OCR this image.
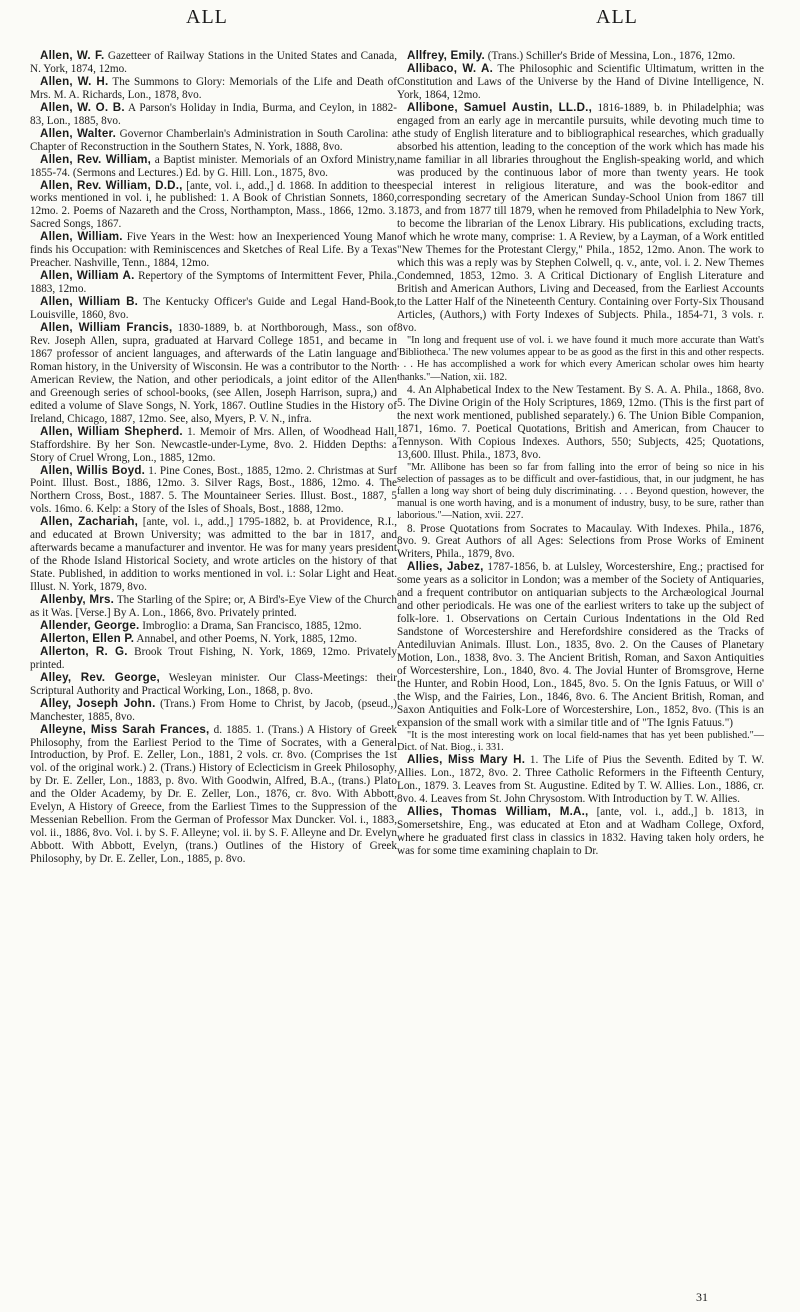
ALL	ALL

Allen, W. F. Gazetteer of Railway Stations in the United States and Canada, N. York, 1874, 12mo.

Allen, W. H. The Summons to Glory: Memorials of the Life and Death of Mrs. M. A. Richards, Lon., 1878, 8vo.

Allen, W. O. B. A Parson's Holiday in India, Burma, and Ceylon, in 1882-83, Lon., 1885, 8vo.

Allen, Walter. Governor Chamberlain's Administration in South Carolina: a Chapter of Reconstruction in the Southern States, N. York, 1888, 8vo.

Allen, Rev. William, a Baptist minister. Memorials of an Oxford Ministry, 1855-74. (Sermons and Lectures.) Ed. by G. Hill. Lon., 1875, 8vo.

Allen, Rev. William, D.D., [ante, vol. i., add.,] d. 1868. In addition to the works mentioned in vol. i, he published: 1. A Book of Christian Sonnets, 1860, 12mo. 2. Poems of Nazareth and the Cross, Northampton, Mass., 1866, 12mo. 3. Sacred Songs, 1867.

Allen, William. Five Years in the West: how an Inexperienced Young Man finds his Occupation: with Reminiscences and Sketches of Real Life. By a Texas Preacher. Nashville, Tenn., 1884, 12mo.

Allen, William A. Repertory of the Symptoms of Intermittent Fever, Phila., 1883, 12mo.

Allen, William B. The Kentucky Officer's Guide and Legal Hand-Book, Louisville, 1860, 8vo.

Allen, William Francis, 1830-1889, b. at Northborough, Mass., son of Rev. Joseph Allen, supra, graduated at Harvard College 1851, and became in 1867 professor of ancient languages, and afterwards of the Latin language and Roman history, in the University of Wisconsin. He was a contributor to the North American Review, the Nation, and other periodicals, a joint editor of the Allen and Greenough series of school-books, (see Allen, Joseph Harrison, supra,) and edited a volume of Slave Songs, N. York, 1867. Outline Studies in the History of Ireland, Chicago, 1887, 12mo. See, also, Myers, P. V. N., infra.

Allen, William Shepherd. 1. Memoir of Mrs. Allen, of Woodhead Hall, Staffordshire. By her Son. Newcastle-under-Lyme, 8vo. 2. Hidden Depths: a Story of Cruel Wrong, Lon., 1885, 12mo.

Allen, Willis Boyd. 1. Pine Cones, Bost., 1885, 12mo. 2. Christmas at Surf Point. Illust. Bost., 1886, 12mo. 3. Silver Rags, Bost., 1886, 12mo. 4. The Northern Cross, Bost., 1887. 5. The Mountaineer Series. Illust. Bost., 1887, 5 vols. 16mo. 6. Kelp: a Story of the Isles of Shoals, Bost., 1888, 12mo.

Allen, Zachariah, [ante, vol. i., add.,] 1795-1882, b. at Providence, R.I., and educated at Brown University; was admitted to the bar in 1817, and afterwards became a manufacturer and inventor. He was for many years president of the Rhode Island Historical Society, and wrote articles on the history of that State. Published, in addition to works mentioned in vol. i.: Solar Light and Heat. Illust. N. York, 1879, 8vo.

Allenby, Mrs. The Starling of the Spire; or, A Bird's-Eye View of the Church as it Was. [Verse.] By A. Lon., 1866, 8vo. Privately printed.

Allender, George. Imbroglio: a Drama, San Francisco, 1885, 12mo.

Allerton, Ellen P. Annabel, and other Poems, N. York, 1885, 12mo.

Allerton, R. G. Brook Trout Fishing, N. York, 1869, 12mo. Privately printed.

Alley, Rev. George, Wesleyan minister. Our Class-Meetings: their Scriptural Authority and Practical Working, Lon., 1868, p. 8vo.

Alley, Joseph John. (Trans.) From Home to Christ, by Jacob, (pseud.,) Manchester, 1885, 8vo.

Alleyne, Miss Sarah Frances, d. 1885. 1. (Trans.) A History of Greek Philosophy, from the Earliest Period to the Time of Socrates, with a General Introduction, by Prof. E. Zeller, Lon., 1881, 2 vols. cr. 8vo. (Comprises the 1st vol. of the original work.) 2. (Trans.) History of Eclecticism in Greek Philosophy, by Dr. E. Zeller, Lon., 1883, p. 8vo. With Goodwin, Alfred, B.A., (trans.) Plato and the Older Academy, by Dr. E. Zeller, Lon., 1876, cr. 8vo. With Abbott, Evelyn, A History of Greece, from the Earliest Times to the Suppression of the Messenian Rebellion. From the German of Professor Max Duncker. Vol. i., 1883, vol. ii., 1886, 8vo. Vol. i. by S. F. Alleyne; vol. ii. by S. F. Alleyne and Dr. Evelyn Abbott. With Abbott, Evelyn, (trans.) Outlines of the History of Greek Philosophy, by Dr. E. Zeller, Lon., 1885, p. 8vo.

Allfrey, Emily. (Trans.) Schiller's Bride of Messina, Lon., 1876, 12mo.

Allibaco, W. A. The Philosophic and Scientific Ultimatum, written in the Constitution and Laws of the Universe by the Hand of Divine Intelligence, N. York, 1864, 12mo.

Allibone, Samuel Austin, LL.D., 1816-1889, b. in Philadelphia; was engaged from an early age in mercantile pursuits, while devoting much time to the study of English literature and to bibliographical researches, which gradually absorbed his attention, leading to the conception of the work which has made his name familiar in all libraries throughout the English-speaking world, and which was produced by the continuous labor of more than twenty years. He took especial interest in religious literature, and was the book-editor and corresponding secretary of the American Sunday-School Union from 1867 till 1873, and from 1877 till 1879, when he removed from Philadelphia to New York, to become the librarian of the Lenox Library. His publications, excluding tracts, of which he wrote many, comprise: 1. A Review, by a Layman, of a Work entitled "New Themes for the Protestant Clergy," Phila., 1852, 12mo. Anon. The work to which this was a reply was by Stephen Colwell, q. v., ante, vol. i. 2. New Themes Condemned, 1853, 12mo. 3. A Critical Dictionary of English Literature and British and American Authors, Living and Deceased, from the Earliest Accounts to the Latter Half of the Nineteenth Century. Containing over Forty-Six Thousand Articles, (Authors,) with Forty Indexes of Subjects. Phila., 1854-71, 3 vols. r. 8vo.

"In long and frequent use of vol. i. we have found it much more accurate than Watt's 'Bibliotheca.' The new volumes appear to be as good as the first in this and other respects. . . . He has accomplished a work for which every American scholar owes him hearty thanks."—Nation, xii. 182.

4. An Alphabetical Index to the New Testament. By S. A. A. Phila., 1868, 8vo. 5. The Divine Origin of the Holy Scriptures, 1869, 12mo. (This is the first part of the next work mentioned, published separately.) 6. The Union Bible Companion, 1871, 16mo. 7. Poetical Quotations, British and American, from Chaucer to Tennyson. With Copious Indexes. Authors, 550; Subjects, 425; Quotations, 13,600. Illust. Phila., 1873, 8vo.

"Mr. Allibone has been so far from falling into the error of being so nice in his selection of passages as to be difficult and over-fastidious, that, in our judgment, he has fallen a long way short of being duly discriminating. . . . Beyond question, however, the manual is one worth having, and is a monument of industry, busy, to be sure, rather than laborious."—Nation, xvii. 227.

8. Prose Quotations from Socrates to Macaulay. With Indexes. Phila., 1876, 8vo. 9. Great Authors of all Ages: Selections from Prose Works of Eminent Writers, Phila., 1879, 8vo.

Allies, Jabez, 1787-1856, b. at Lulsley, Worcestershire, Eng.; practised for some years as a solicitor in London; was a member of the Society of Antiquaries, and a frequent contributor on antiquarian subjects to the Archæological Journal and other periodicals. He was one of the earliest writers to take up the subject of folk-lore. 1. Observations on Certain Curious Indentations in the Old Red Sandstone of Worcestershire and Herefordshire considered as the Tracks of Antediluvian Animals. Illust. Lon., 1835, 8vo. 2. On the Causes of Planetary Motion, Lon., 1838, 8vo. 3. The Ancient British, Roman, and Saxon Antiquities of Worcestershire, Lon., 1840, 8vo. 4. The Jovial Hunter of Bromsgrove, Herne the Hunter, and Robin Hood, Lon., 1845, 8vo. 5. On the Ignis Fatuus, or Will o' the Wisp, and the Fairies, Lon., 1846, 8vo. 6. The Ancient British, Roman, and Saxon Antiquities and Folk-Lore of Worcestershire, Lon., 1852, 8vo. (This is an expansion of the small work with a similar title and of "The Ignis Fatuus.")

"It is the most interesting work on local field-names that has yet been published."—Dict. of Nat. Biog., i. 331.

Allies, Miss Mary H. 1. The Life of Pius the Seventh. Edited by T. W. Allies. Lon., 1872, 8vo. 2. Three Catholic Reformers in the Fifteenth Century, Lon., 1879. 3. Leaves from St. Augustine. Edited by T. W. Allies. Lon., 1886, cr. 8vo. 4. Leaves from St. John Chrysostom. With Introduction by T. W. Allies.

Allies, Thomas William, M.A., [ante, vol. i., add.,] b. 1813, in Somersetshire, Eng., was educated at Eton and at Wadham College, Oxford, where he graduated first class in classics in 1832. Having taken holy orders, he was for some time examining chaplain to Dr.

31
